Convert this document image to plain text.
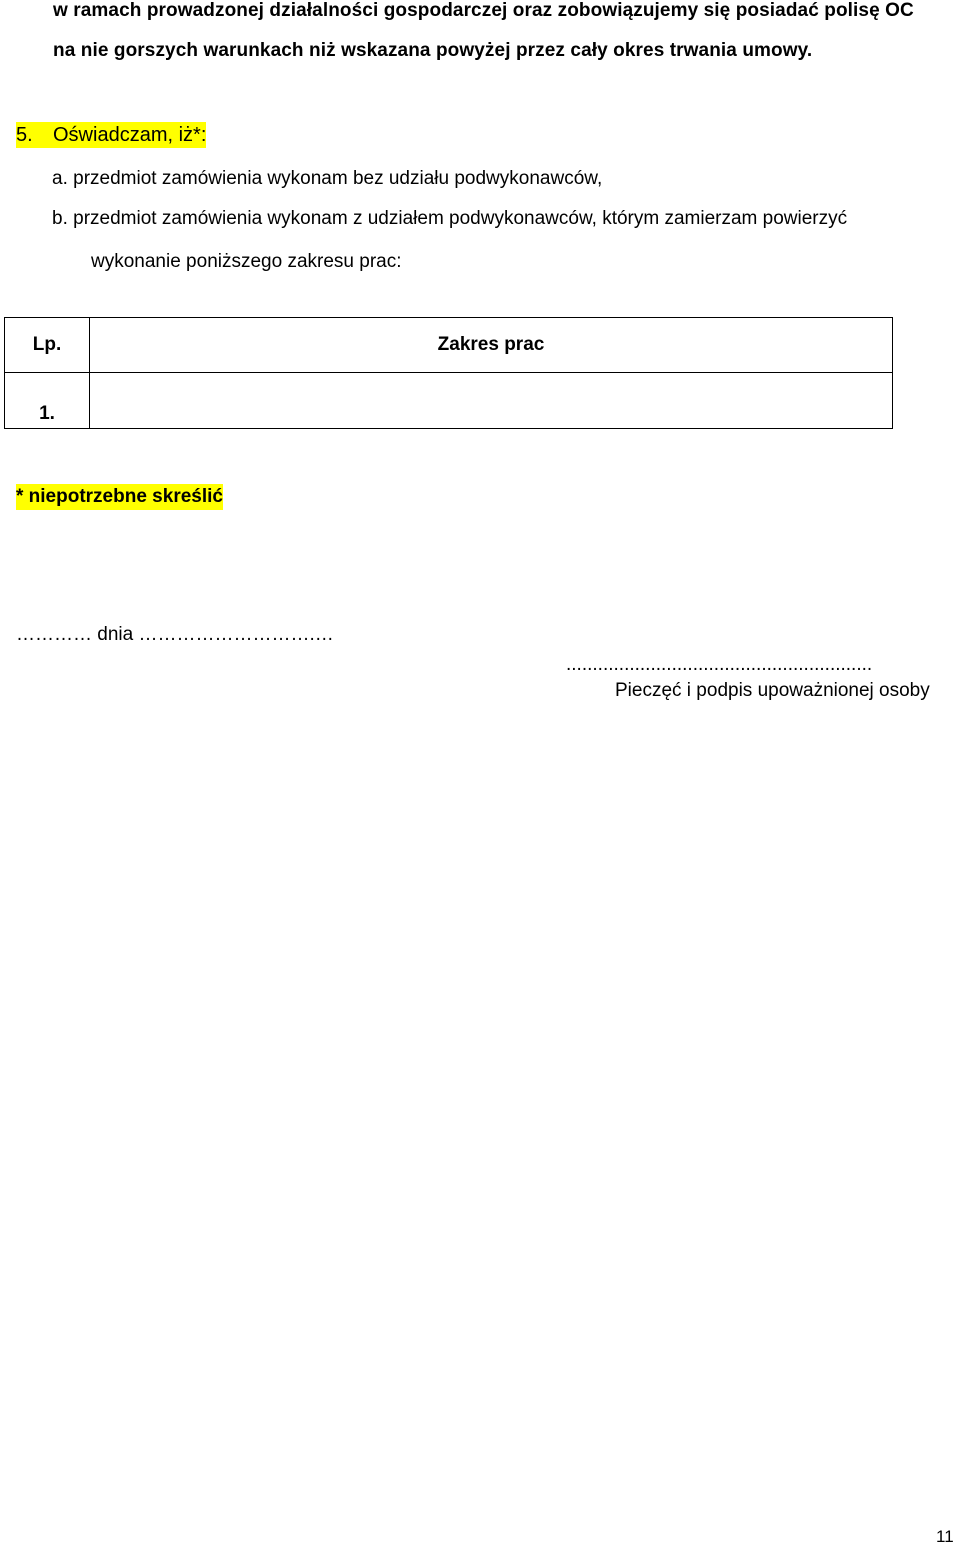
w ramach prowadzonej działalności gospodarczej oraz zobowiązujemy się posiadać polisę OC
na nie gorszych warunkach niż wskazana powyżej przez cały okres trwania umowy.
5. Oświadczam, iż*:
a. przedmiot zamówienia wykonam bez udziału podwykonawców,
b. przedmiot zamówienia wykonam z udziałem podwykonawców, którym zamierzam powierzyć
wykonanie poniższego zakresu prac:
Lp.	Zakres prac
1.	
* niepotrzebne skreślić
………… dnia ……………………….…
..........................................................
Pieczęć i podpis upoważnionej osoby
11
